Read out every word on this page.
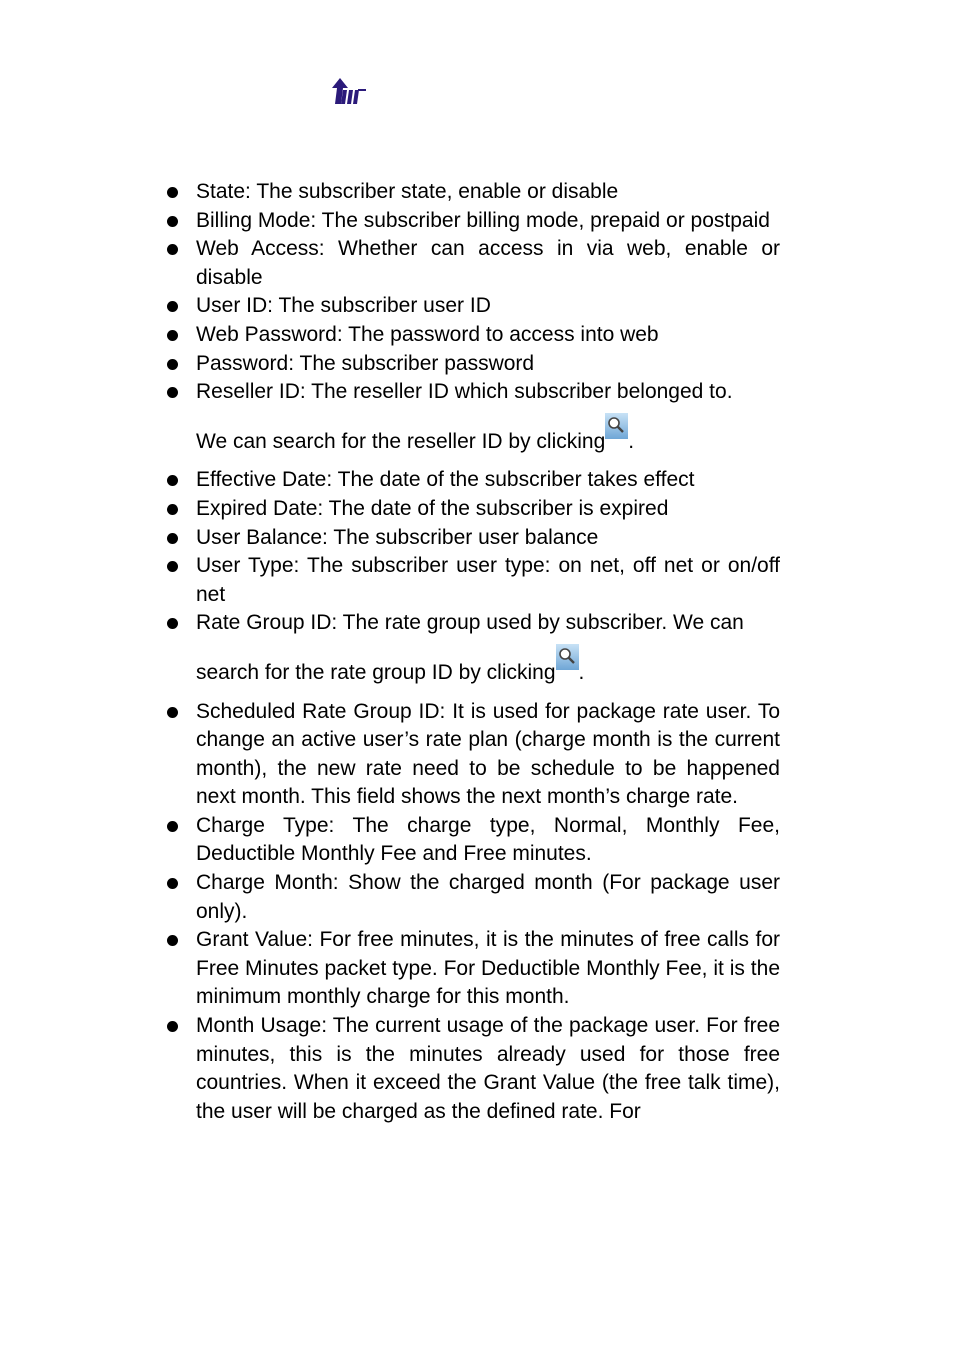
State: The subscriber state, enable or disable
Billing Mode: The subscriber billing mode, prepaid or postpaid
Web Access: Whether can access in via web, enable or disable
User ID: The subscriber user ID
Web Password: The password to access into web
Password: The subscriber password
Reseller ID: The reseller ID which subscriber belonged to.
We can search for the reseller ID by clicking .
Effective Date: The date of the subscriber takes effect
Expired Date: The date of the subscriber is expired
User Balance: The subscriber user balance
User Type: The subscriber user type: on net, off net or on/off net
Rate Group ID: The rate group used by subscriber. We can
search for the rate group ID by clicking .
Scheduled Rate Group ID: It is used for package rate user. To change an active user’s rate plan (charge month is the current month), the new rate need to be schedule to be happened next month. This field shows the next month’s charge rate.
Charge Type: The charge type, Normal, Monthly Fee, Deductible Monthly Fee and Free minutes.
Charge Month: Show the charged month (For package user only).
Grant Value: For free minutes, it is the minutes of free calls for Free Minutes packet type. For Deductible Monthly Fee, it is the minimum monthly charge for this month.
Month Usage: The current usage of the package user. For free minutes, this is the minutes already used for those free countries. When it exceed the Grant Value (the free talk time), the user will be charged as the defined rate. For
